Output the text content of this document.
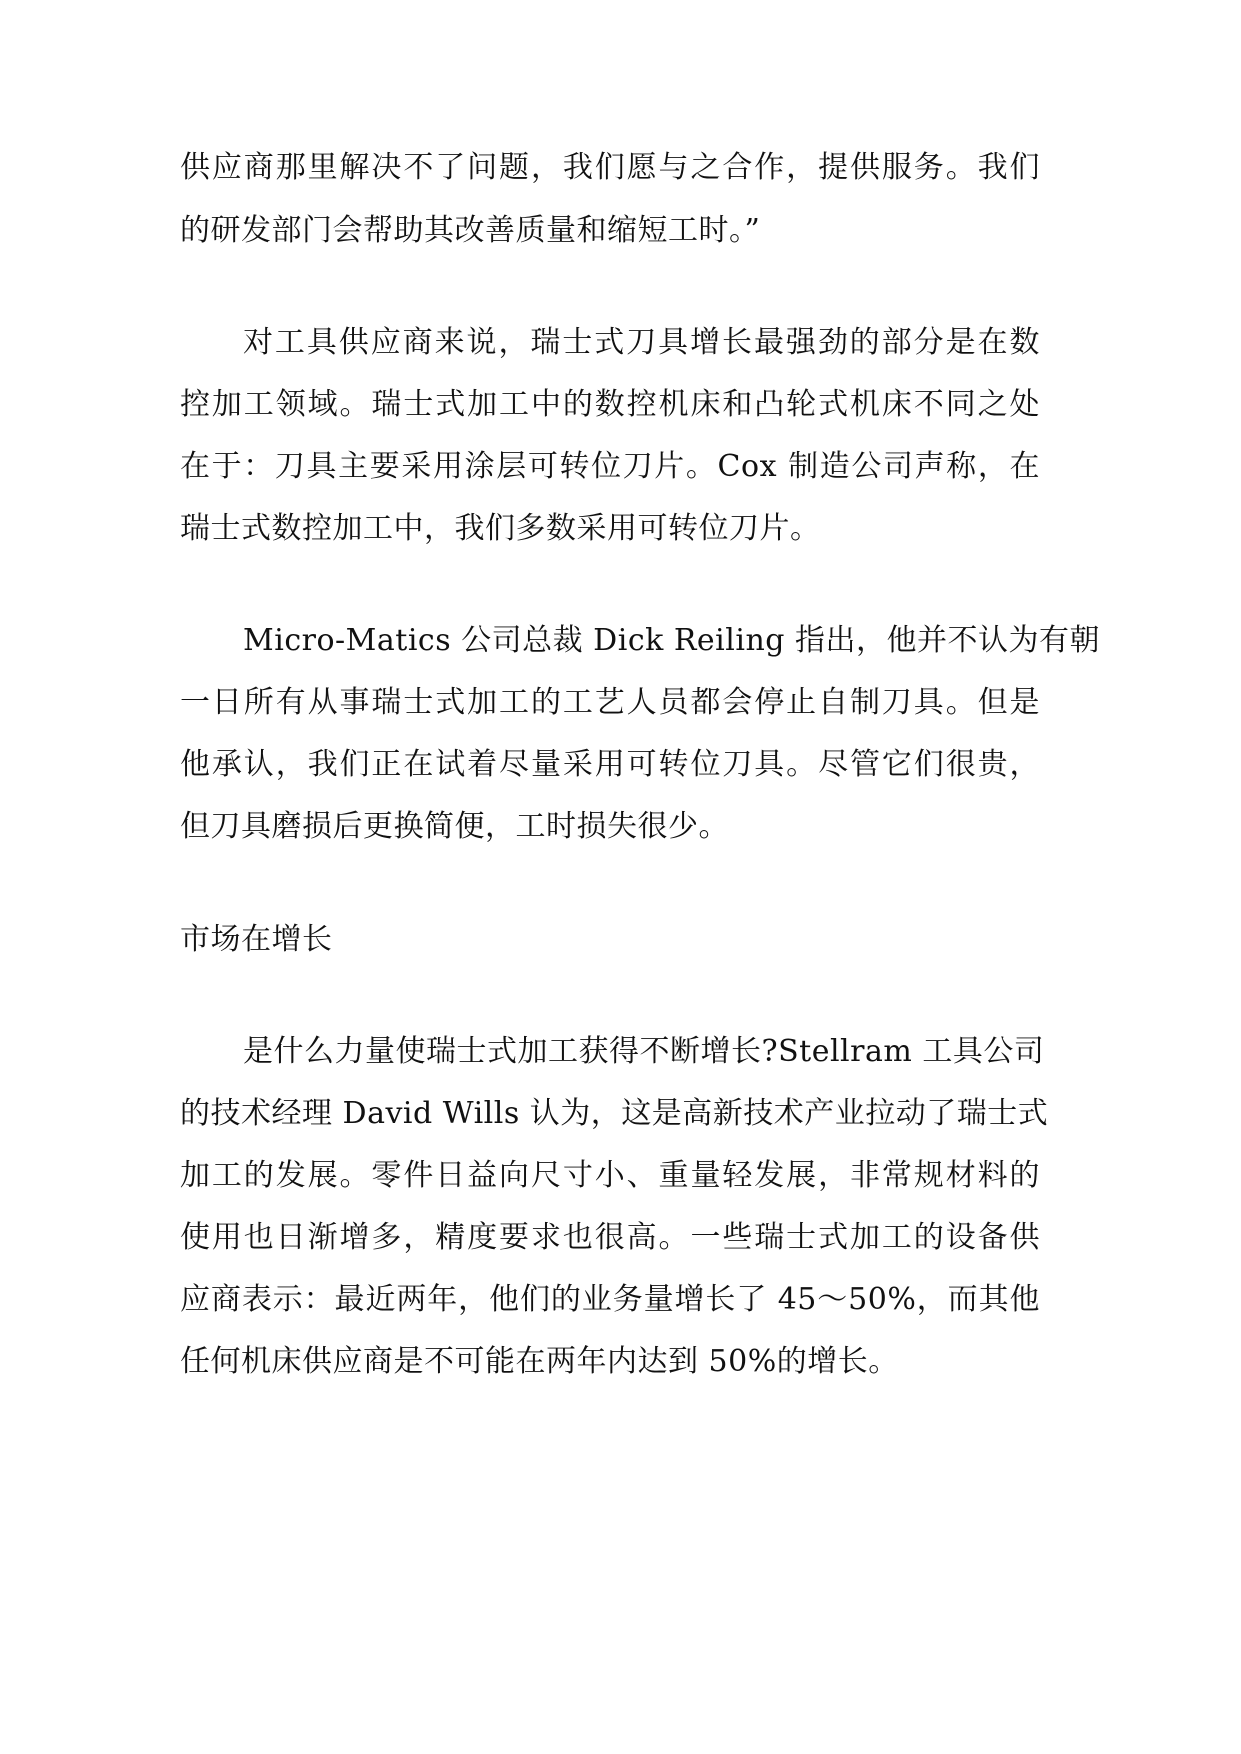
供应商那里解决不了问题，我们愿与之合作，提供服务。我们
的研发部门会帮助其改善质量和缩短工时。”
对工具供应商来说，瑞士式刀具增长最强劲的部分是在数
控加工领域。瑞士式加工中的数控机床和凸轮式机床不同之处
在于：刀具主要采用涂层可转位刀片。Cox 制造公司声称，在
瑞士式数控加工中，我们多数采用可转位刀片。
Micro-Matics 公司总裁 Dick Reiling 指出，他并不认为有朝
一日所有从事瑞士式加工的工艺人员都会停止自制刀具。但是
他承认，我们正在试着尽量采用可转位刀具。尽管它们很贵，
但刀具磨损后更换简便，工时损失很少。
市场在增长
是什么力量使瑞士式加工获得不断增长?Stellram 工具公司
的技术经理 David Wills 认为，这是高新技术产业拉动了瑞士式
加工的发展。零件日益向尺寸小、重量轻发展，非常规材料的
使用也日渐增多，精度要求也很高。一些瑞士式加工的设备供
应商表示：最近两年，他们的业务量增长了 45～50%，而其他
任何机床供应商是不可能在两年内达到 50%的增长。
